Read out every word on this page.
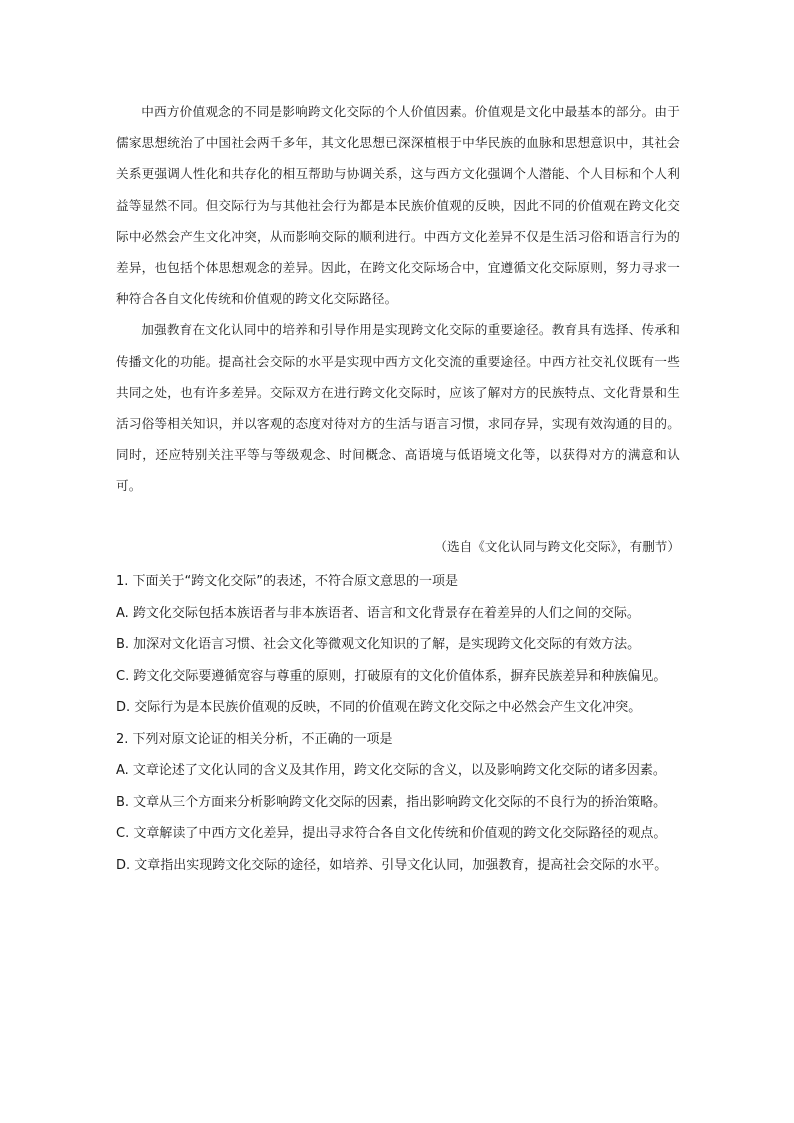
中西方价值观念的不同是影响跨文化交际的个人价值因素。价值观是文化中最基本的部分。由于儒家思想统治了中国社会两千多年，其文化思想已深深植根于中华民族的血脉和思想意识中，其社会关系更强调人性化和共存化的相互帮助与协调关系，这与西方文化强调个人潜能、个人目标和个人利益等显然不同。但交际行为与其他社会行为都是本民族价值观的反映，因此不同的价值观在跨文化交际中必然会产生文化冲突，从而影响交际的顺利进行。中西方文化差异不仅是生活习俗和语言行为的差异，也包括个体思想观念的差异。因此，在跨文化交际场合中，宜遵循文化交际原则，努力寻求一种符合各自文化传统和价值观的跨文化交际路径。

加强教育在文化认同中的培养和引导作用是实现跨文化交际的重要途径。教育具有选择、传承和传播文化的功能。提高社会交际的水平是实现中西方文化交流的重要途径。中西方社交礼仪既有一些共同之处，也有许多差异。交际双方在进行跨文化交际时，应该了解对方的民族特点、文化背景和生活习俗等相关知识，并以客观的态度对待对方的生活与语言习惯，求同存异，实现有效沟通的目的。同时，还应特别关注平等与等级观念、时间概念、高语境与低语境文化等，以获得对方的满意和认可。

（选自《文化认同与跨文化交际》，有删节）

1. 下面关于“跨文化交际”的表述，不符合原文意思的一项是

A. 跨文化交际包括本族语者与非本族语者、语言和文化背景存在着差异的人们之间的交际。

B. 加深对文化语言习惯、社会文化等微观文化知识的了解，是实现跨文化交际的有效方法。

C. 跨文化交际要遵循宽容与尊重的原则，打破原有的文化价值体系，摒弃民族差异和种族偏见。

D. 交际行为是本民族价值观的反映，不同的价值观在跨文化交际之中必然会产生文化冲突。

2. 下列对原文论证的相关分析，不正确的一项是

A. 文章论述了文化认同的含义及其作用，跨文化交际的含义，以及影响跨文化交际的诸多因素。

B. 文章从三个方面来分析影响跨文化交际的因素，指出影响跨文化交际的不良行为的挢治策略。

C. 文章解读了中西方文化差异，提出寻求符合各自文化传统和价值观的跨文化交际路径的观点。

D. 文章指出实现跨文化交际的途径，如培养、引导文化认同，加强教育，提高社会交际的水平。
